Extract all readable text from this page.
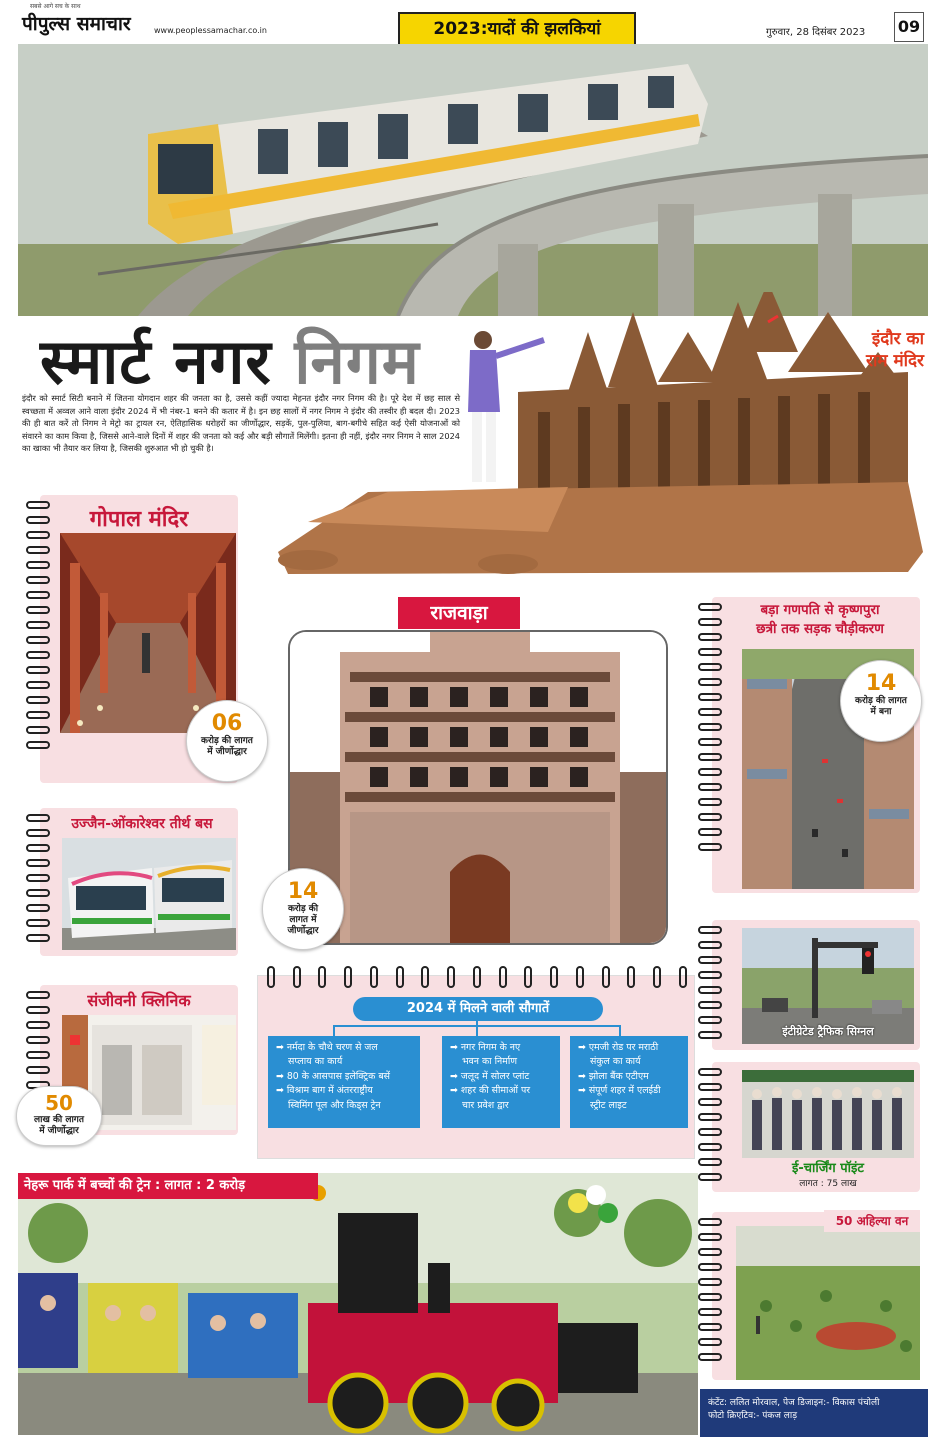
सबसे आगे सच के साथ
पीपुल्स समाचार	www.peoplessamachar.co.in	2023:यादों की झलकियां	गुरुवार, 28 दिसंबर 2023 09
स्मार्ट नगर निगम
इंदौर को स्मार्ट सिटी बनाने में जितना योगदान शहर की जनता का है, उससे कहीं ज्यादा मेहनत इंदौर नगर निगम की है। पूरे देश में छह साल से स्वच्छता में अव्वल आने वाला इंदौर 2024 में भी नंबर-1 बनने की कतार में है। इन छह सालों में नगर निगम ने इंदौर की तस्वीर ही बदल दी। 2023 की ही बात करें तो निगम ने मेट्रो का ट्रायल रन, ऐतिहासिक धरोहरों का जीर्णोद्धार, सड़कें, पुल-पुलिया, बाग-बगीचे सहित कई ऐसी योजनाओं को संवारने का काम किया है, जिससे आने-वाले दिनों में शहर की जनता को कई और बड़ी सौगातें मिलेंगी। इतना ही नहीं, इंदौर नगर निगम ने साल 2024 का खाका भी तैयार कर लिया है, जिसकी शुरुआत भी हो चुकी है।
इंदौर का
राम मंदिर
गोपाल मंदिर
06
करोड़ की लागत
में जीर्णोद्धार
उज्जैन-ओंकारेश्वर तीर्थ बस
संजीवनी क्लिनिक
50
लाख की लागत
में जीर्णोद्धार
राजवाड़ा
14
करोड़ की
लागत में
जीर्णोद्धार
बड़ा गणपति से कृष्णपुरा
छत्री तक सड़क चौड़ीकरण
14
करोड़ की लागत
में बना
इंटीग्रेटेड ट्रैफिक सिग्नल
ई-चार्जिंग पॉइंट
लागत : 75 लाख
50 अहिल्या वन
2024 में मिलने वाली सौगातें
➡ नर्मदा के चौथे चरण से जल
सप्लाय का कार्य
➡ 80 के आसपास इलेक्ट्रिक बसें
➡ विश्राम बाग में अंतरराष्ट्रीय
स्विमिंग पूल और किड्स ट्रेन
➡ नगर निगम के नए
भवन का निर्माण
➡ जलूद में सोलर प्लांट
➡ शहर की सीमाओं पर
चार प्रवेश द्वार
➡ एमजी रोड पर मराठी
संकुल का कार्य
➡ झोला बैंक एटीएम
➡ संपूर्ण शहर में एलईडी
स्ट्रीट लाइट
नेहरू पार्क में बच्चों की ट्रेन : लागत : 2 करोड़
कंटेंट: ललित मोरवाल, पेज डिजाइन:- विकास पंचोली
फोटो क्रिएटिव:- पंकज लाड़
